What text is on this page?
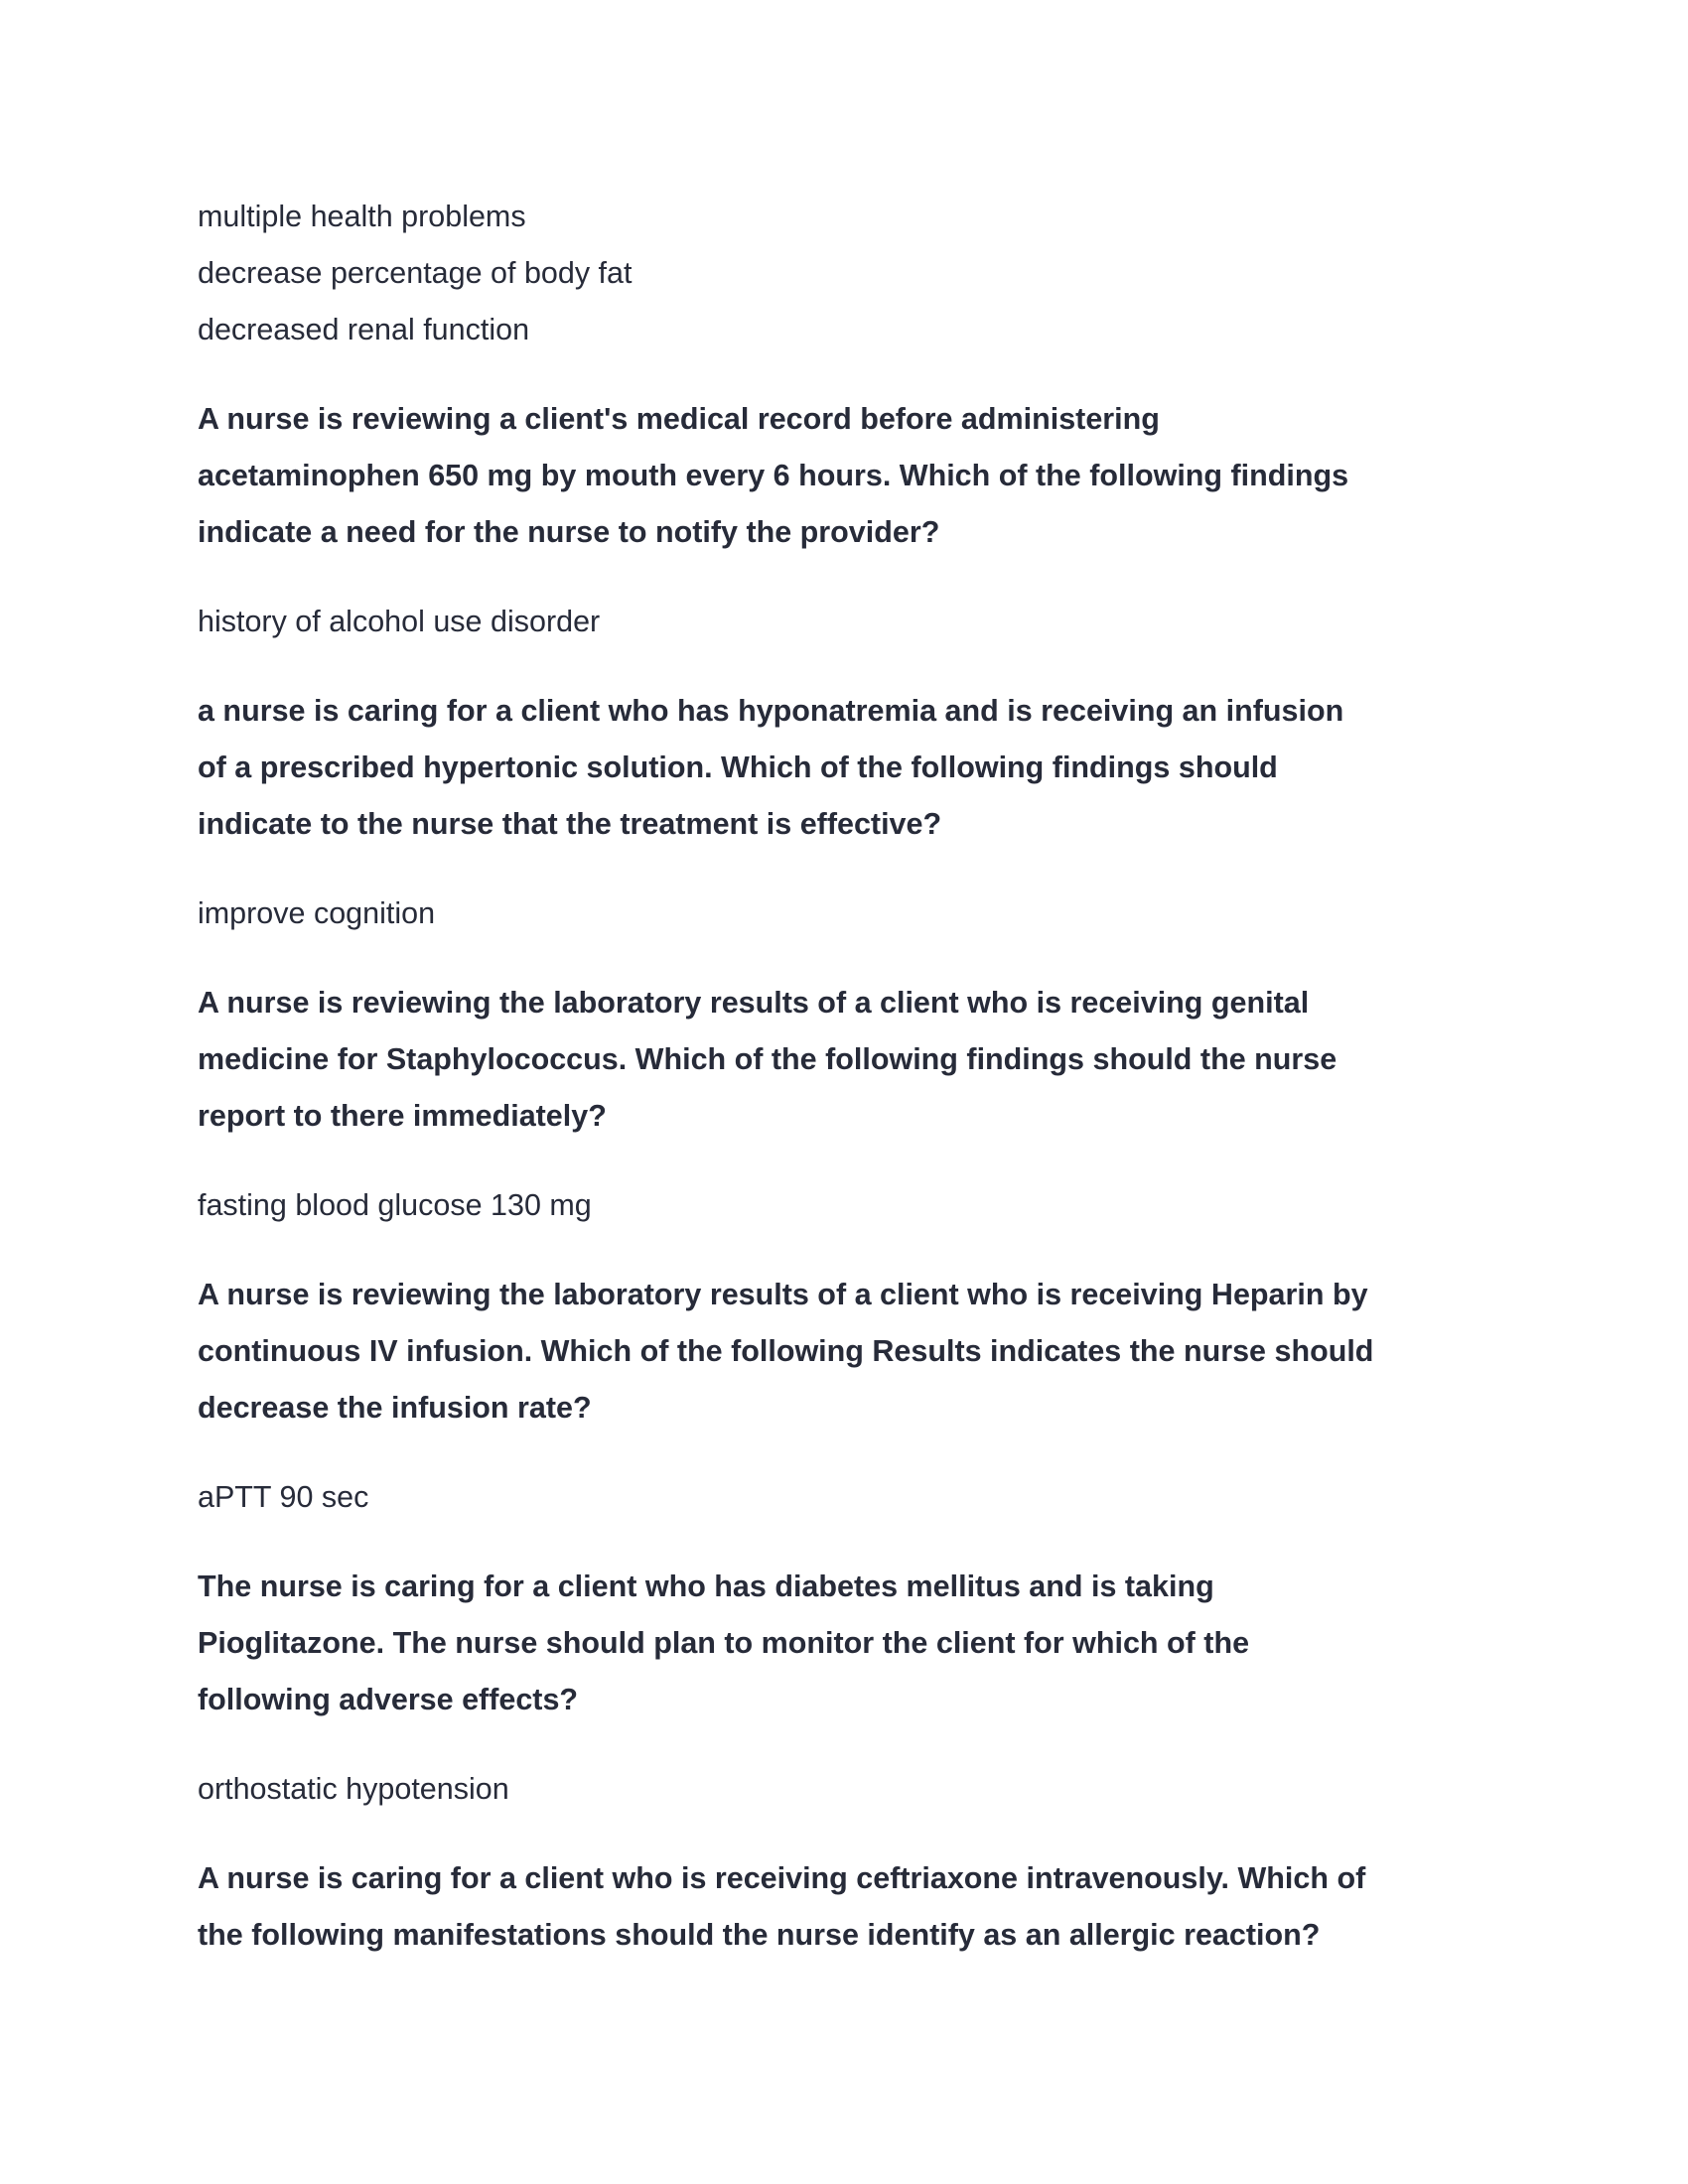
multiple health problems

decrease percentage of body fat

decreased renal function

A nurse is reviewing a client's medical record before administering
acetaminophen 650 mg by mouth every 6 hours. Which of the following findings
indicate a need for the nurse to notify the provider?

history of alcohol use disorder

a nurse is caring for a client who has hyponatremia and is receiving an infusion
of a prescribed hypertonic solution. Which of the following findings should
indicate to the nurse that the treatment is effective?

improve cognition

A nurse is reviewing the laboratory results of a client who is receiving genital
medicine for Staphylococcus. Which of the following findings should the nurse
report to there immediately?

fasting blood glucose 130 mg

A nurse is reviewing the laboratory results of a client who is receiving Heparin by
continuous IV infusion. Which of the following Results indicates the nurse should
decrease the infusion rate?

aPTT 90 sec

The nurse is caring for a client who has diabetes mellitus and is taking
Pioglitazone. The nurse should plan to monitor the client for which of the
following adverse effects?

orthostatic hypotension

A nurse is caring for a client who is receiving ceftriaxone intravenously. Which of
the following manifestations should the nurse identify as an allergic reaction?
